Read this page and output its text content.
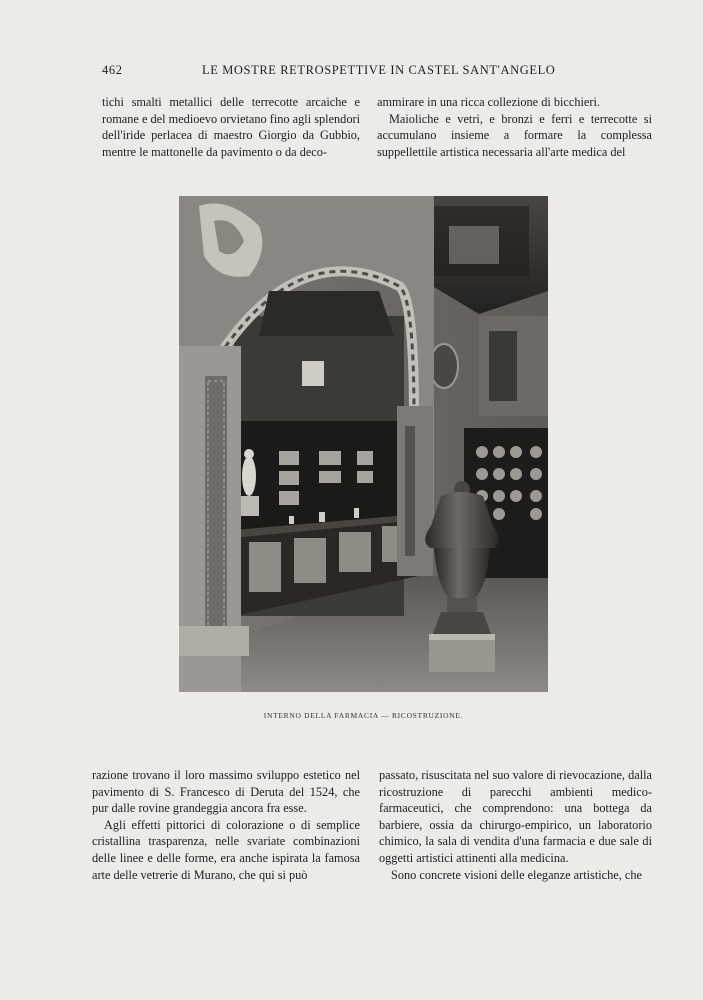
462	LE MOSTRE RETROSPETTIVE IN CASTEL SANT'ANGELO

tichi smalti metallici delle terrecotte arcaiche e romane e del medioevo orvietano fino agli splendori dell'iride perlacea di maestro Giorgio da Gubbio, mentre le mattonelle da pavimento o da deco-

ammirare in una ricca collezione di bicchieri.

Maioliche e vetri, e bronzi e ferri e terrecotte si accumulano insieme a formare la complessa suppellettile artistica necessaria all'arte medica del

INTERNO DELLA FARMACIA — RICOSTRUZIONE.

razione trovano il loro massimo sviluppo estetico nel pavimento di S. Francesco di Deruta del 1524, che pur dalle rovine grandeggia ancora fra esse.

Agli effetti pittorici di colorazione o di semplice cristallina trasparenza, nelle svariate combinazioni delle linee e delle forme, era anche ispirata la famosa arte delle vetrerie di Murano, che qui si può

passato, risuscitata nel suo valore di rievocazione, dalla ricostruzione di parecchi ambienti medico-farmaceutici, che comprendono: una bottega da barbiere, ossia da chirurgo-empirico, un laboratorio chimico, la sala di vendita d'una farmacia e due sale di oggetti artistici attinenti alla medicina.

Sono concrete visioni delle eleganze artistiche, che
